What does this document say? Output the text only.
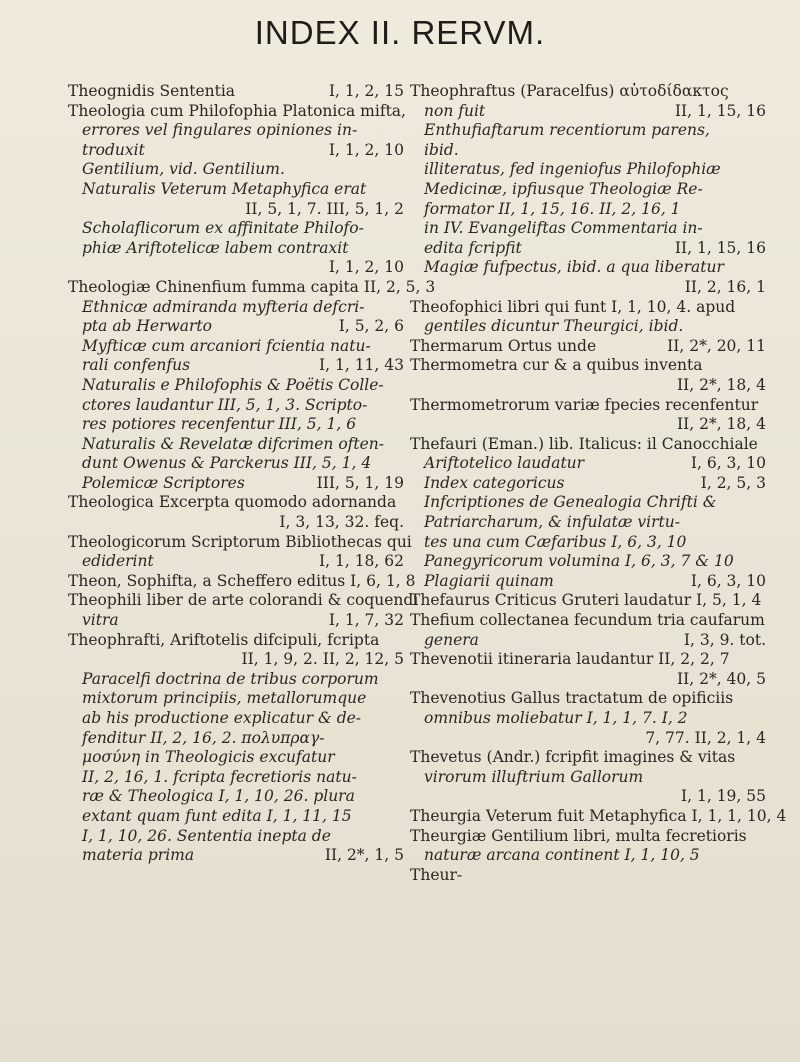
INDEX II. RERVM.
Theognidis Sententia	I, 1, 2, 15
Theologia cum Philofophia Platonica mifta,
errores vel fingulares opiniones in-
troduxit	I, 1, 2, 10
Gentilium, vid. Gentilium.
Naturalis Veterum Metaphyfica erat
II, 5, 1, 7. III, 5, 1, 2
Scholaflicorum ex affinitate Philofo-
phiæ Ariftotelicæ labem contraxit
I, 1, 2, 10
Theologiæ Chinenfium fumma capita II, 2, 5, 3
Ethnicæ admiranda myfteria defcri-
pta ab Herwarto	I, 5, 2, 6
Myfticæ cum arcaniori fcientia natu-
rali confenfus	I, 1, 11, 43
Naturalis e Philofophis & Poëtis Colle-
ctores laudantur III, 5, 1, 3. Scripto-
res potiores recenfentur III, 5, 1, 6
Naturalis & Revelatæ difcrimen often-
dunt Owenus & Parckerus III, 5, 1, 4
Polemicæ Scriptores	III, 5, 1, 19
Theologica Excerpta quomodo adornanda
I, 3, 13, 32. feq.
Theologicorum Scriptorum Bibliothecas qui
ediderint	I, 1, 18, 62
Theon, Sophifta, a Scheffero editus I, 6, 1, 8
Theophili liber de arte colorandi & coquendi
vitra	I, 1, 7, 32
Theophrafti, Ariftotelis difcipuli, fcripta
II, 1, 9, 2. II, 2, 12, 5
Paracelfi doctrina de tribus corporum
mixtorum principiis, metallorumque
ab his productione explicatur & de-
fenditur II, 2, 16, 2. πολυπραγ-
μοσύνη in Theologicis excufatur
II, 2, 16, 1. fcripta fecretioris natu-
ræ & Theologica I, 1, 10, 26. plura
extant quam funt edita I, 1, 11, 15
I, 1, 10, 26. Sententia inepta de
materia prima	II, 2*, 1, 5
Theophraftus (Paracelfus) αὐτοδίδακτος
non fuit	II, 1, 15, 16
Enthufiaftarum recentiorum parens,
ibid.
illiteratus, fed ingeniofus Philofophiæ
Medicinæ, ipfiusque Theologiæ Re-
formator II, 1, 15, 16. II, 2, 16, 1
in IV. Evangeliftas Commentaria in-
edita fcripfit	II, 1, 15, 16
Magiæ fufpectus, ibid. a qua liberatur
II, 2, 16, 1
Theofophici libri qui funt I, 1, 10, 4. apud
gentiles dicuntur Theurgici, ibid.
Thermarum Ortus unde	II, 2*, 20, 11
Thermometra cur & a quibus inventa
II, 2*, 18, 4
Thermometrorum variæ fpecies recenfentur
II, 2*, 18, 4
Thefauri (Eman.) lib. Italicus: il Canocchiale
Ariftotelico laudatur	I, 6, 3, 10
Index categoricus	I, 2, 5, 3
Infcriptiones de Genealogia Chrifti &
Patriarcharum, & infulatæ virtu-
tes una cum Cæfaribus I, 6, 3, 10
Panegyricorum volumina I, 6, 3, 7 & 10
Plagiarii quinam	I, 6, 3, 10
Thefaurus Criticus Gruteri laudatur I, 5, 1, 4
Thefium collectanea fecundum tria caufarum
genera	I, 3, 9. tot.
Thevenotii itineraria laudantur II, 2, 2, 7
II, 2*, 40, 5
Thevenotius Gallus tractatum de opificiis
omnibus moliebatur I, 1, 1, 7. I, 2
7, 77. II, 2, 1, 4
Thevetus (Andr.) fcripfit imagines & vitas
virorum illuftrium Gallorum
I, 1, 19, 55
Theurgia Veterum fuit Metaphyfica I, 1, 1, 10, 4
Theurgiæ Gentilium libri, multa fecretioris
naturæ arcana continent I, 1, 10, 5
Theur-
